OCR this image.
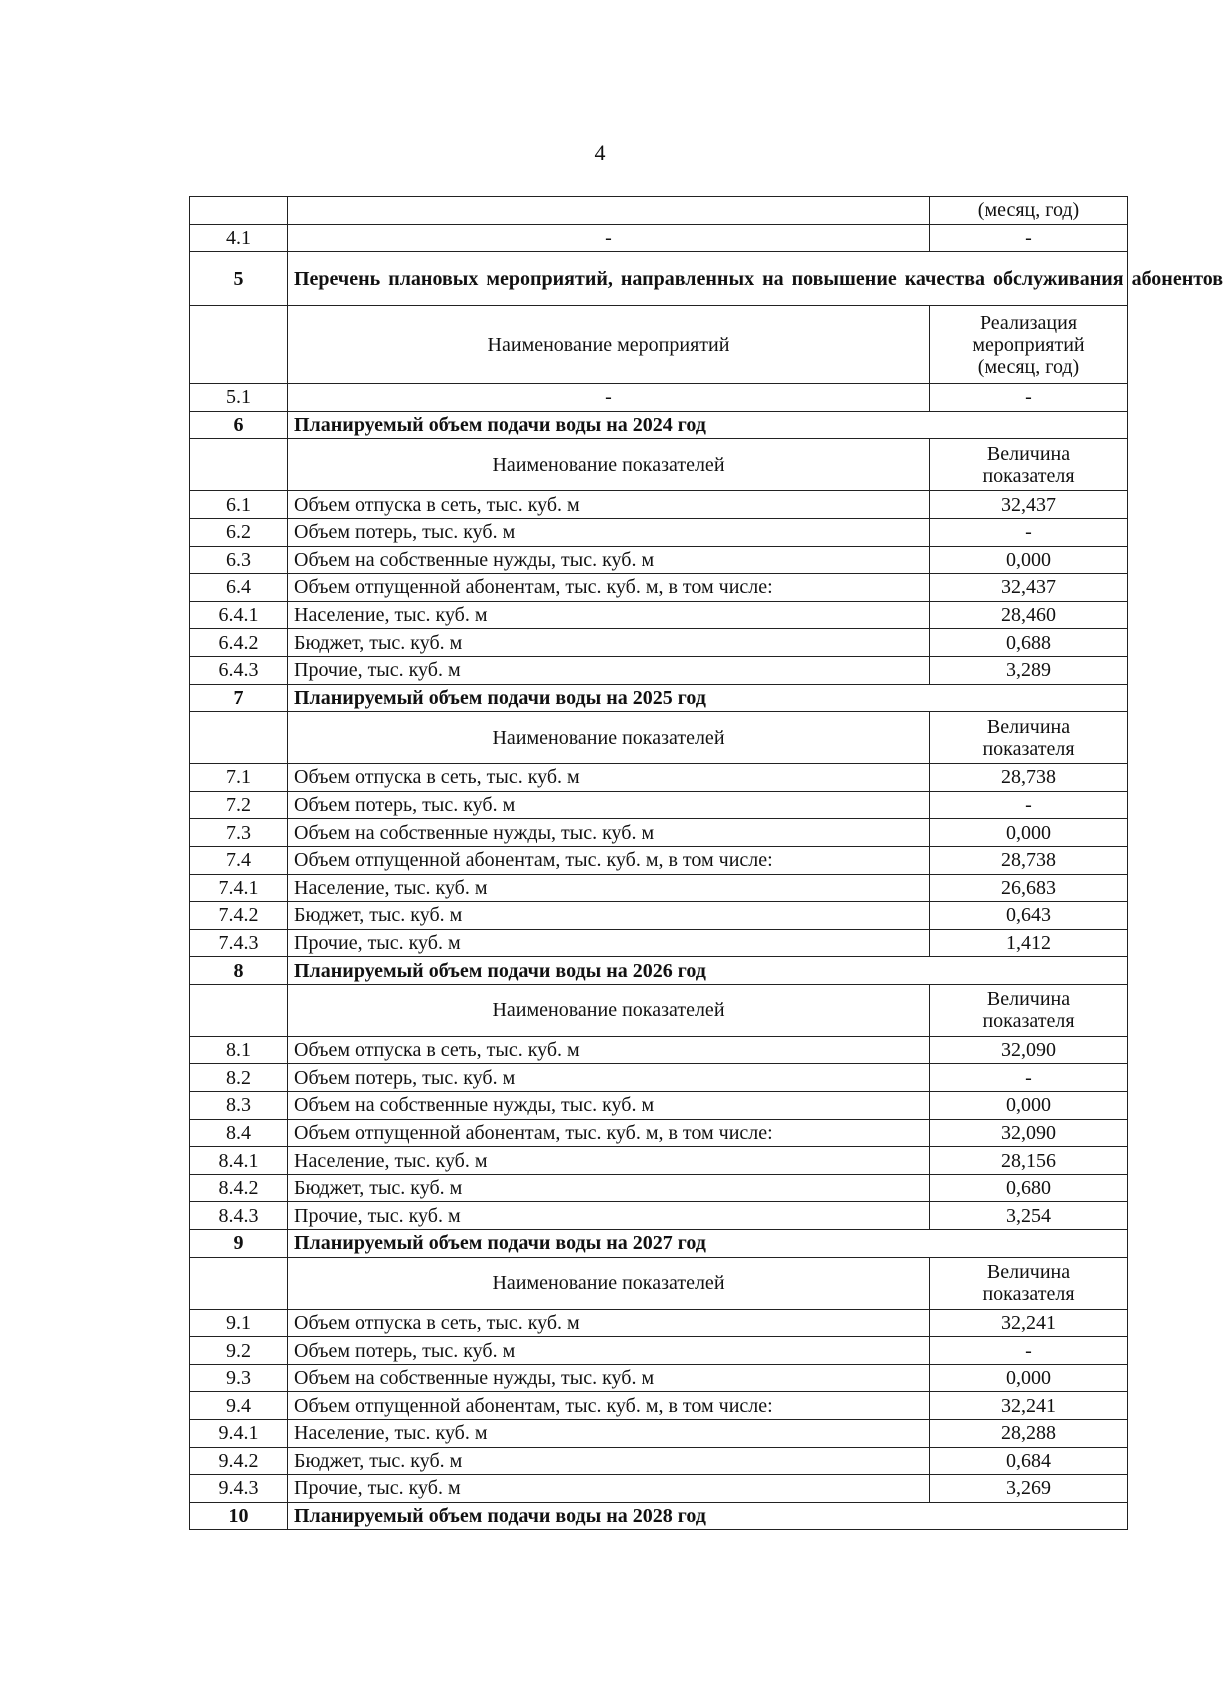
4
		(месяц, год)
4.1	-	-
5	Перечень плановых мероприятий, направленных на повышение качества обслуживания абонентов	
	Наименование мероприятий	Реализация
мероприятий
(месяц, год)

5.1	-	-
6	Планируемый объем подачи воды на 2024 год	
	Наименование показателей	Величина
показателя

6.1	Объем отпуска в сеть, тыс. куб. м	32,437
6.2	Объем потерь, тыс. куб. м	-
6.3	Объем на собственные нужды, тыс. куб. м	0,000
6.4	Объем отпущенной абонентам, тыс. куб. м, в том числе:	32,437
6.4.1	Население, тыс. куб. м	28,460
6.4.2	Бюджет, тыс. куб. м	0,688
6.4.3	Прочие, тыс. куб. м	3,289
7	Планируемый объем подачи воды на 2025 год	
	Наименование показателей	Величина
показателя

7.1	Объем отпуска в сеть, тыс. куб. м	28,738
7.2	Объем потерь, тыс. куб. м	-
7.3	Объем на собственные нужды, тыс. куб. м	0,000
7.4	Объем отпущенной абонентам, тыс. куб. м, в том числе:	28,738
7.4.1	Население, тыс. куб. м	26,683
7.4.2	Бюджет, тыс. куб. м	0,643
7.4.3	Прочие, тыс. куб. м	1,412
8	Планируемый объем подачи воды на 2026 год	
	Наименование показателей	Величина
показателя

8.1	Объем отпуска в сеть, тыс. куб. м	32,090
8.2	Объем потерь, тыс. куб. м	-
8.3	Объем на собственные нужды, тыс. куб. м	0,000
8.4	Объем отпущенной абонентам, тыс. куб. м, в том числе:	32,090
8.4.1	Население, тыс. куб. м	28,156
8.4.2	Бюджет, тыс. куб. м	0,680
8.4.3	Прочие, тыс. куб. м	3,254
9	Планируемый объем подачи воды на 2027 год	
	Наименование показателей	Величина
показателя

9.1	Объем отпуска в сеть, тыс. куб. м	32,241
9.2	Объем потерь, тыс. куб. м	-
9.3	Объем на собственные нужды, тыс. куб. м	0,000
9.4	Объем отпущенной абонентам, тыс. куб. м, в том числе:	32,241
9.4.1	Население, тыс. куб. м	28,288
9.4.2	Бюджет, тыс. куб. м	0,684
9.4.3	Прочие, тыс. куб. м	3,269
10	Планируемый объем подачи воды на 2028 год	
